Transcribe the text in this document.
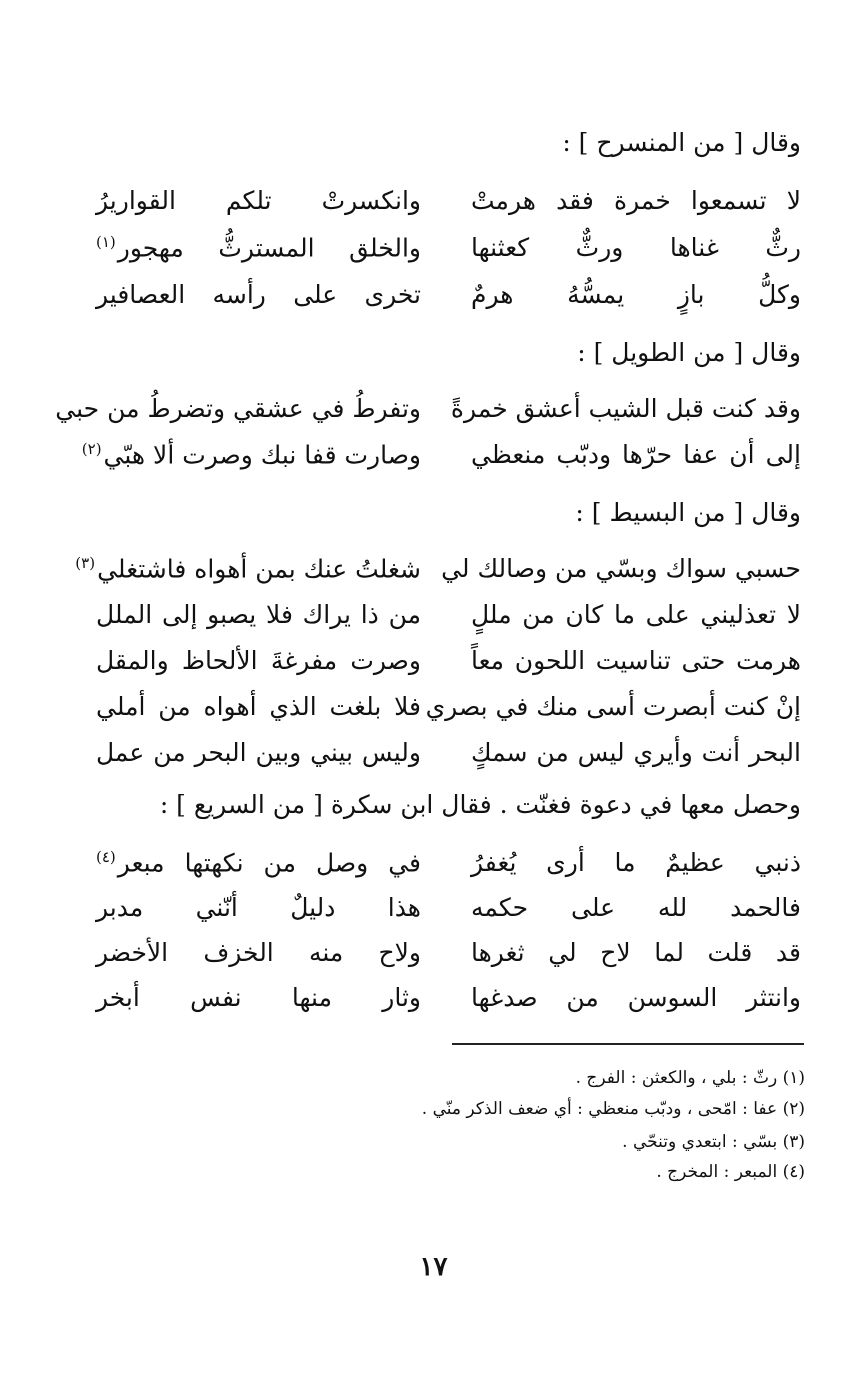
وقال [ من المنسرح ] :
لا تسمعوا خمرة فقد هرمتْ
وانكسرتْ تلكم القواريرُ
رثٌّ غناها ورثٌّ كعثنها
والخلق المسترثُّ مهجور$^{(١)}$
وكلُّ بازٍ يمسُّهُ هرمٌ
تخرى على رأسه العصافير
وقال [ من الطويل ] :
وقد كنت قبل الشيب أعشق خمرةً
وتفرطُ في عشقي وتضرطُ من حبي
إلى أن عفا حرّها ودبّب منعظي
وصارت قفا نبك وصرت ألا هبّي$^{(٢)}$
وقال [ من البسيط ] :
حسبي سواك وبسّي من وصالك لي
شغلتُ عنك بمن أهواه فاشتغلي$^{(٣)}$
لا تعذليني على ما كان من مللٍ
من ذا يراك فلا يصبو إلى الملل
هرمت حتى تناسيت اللحون معاً
وصرت مفرغةَ الألحاظ والمقل
إنْ كنت أبصرت أسى منك في بصري
فلا بلغت الذي أهواه من أملي
البحر أنت وأيري ليس من سمكٍ
وليس بيني وبين البحر من عمل
وحصل معها في دعوة فغنّت . فقال ابن سكرة [ من السريع ] :
ذنبي عظيمٌ ما أرى يُغفرُ
في وصل من نكهتها مبعر$^{(٤)}$
فالحمد لله على حكمه
هذا دليلٌ أنّني مدبر
قد قلت لما لاح لي ثغرها
ولاح منه الخزف الأخضر
وانتثر السوسن من صدغها
وثار منها نفس أبخر
(١) رثّ : بلي ، والكعثن : الفرج .
(٢) عفا : امّحى ، ودبّب منعظي : أي ضعف الذكر منّي .
(٣) بسّي : ابتعدي وتنحّي .
(٤) المبعر : المخرج .
١٧
